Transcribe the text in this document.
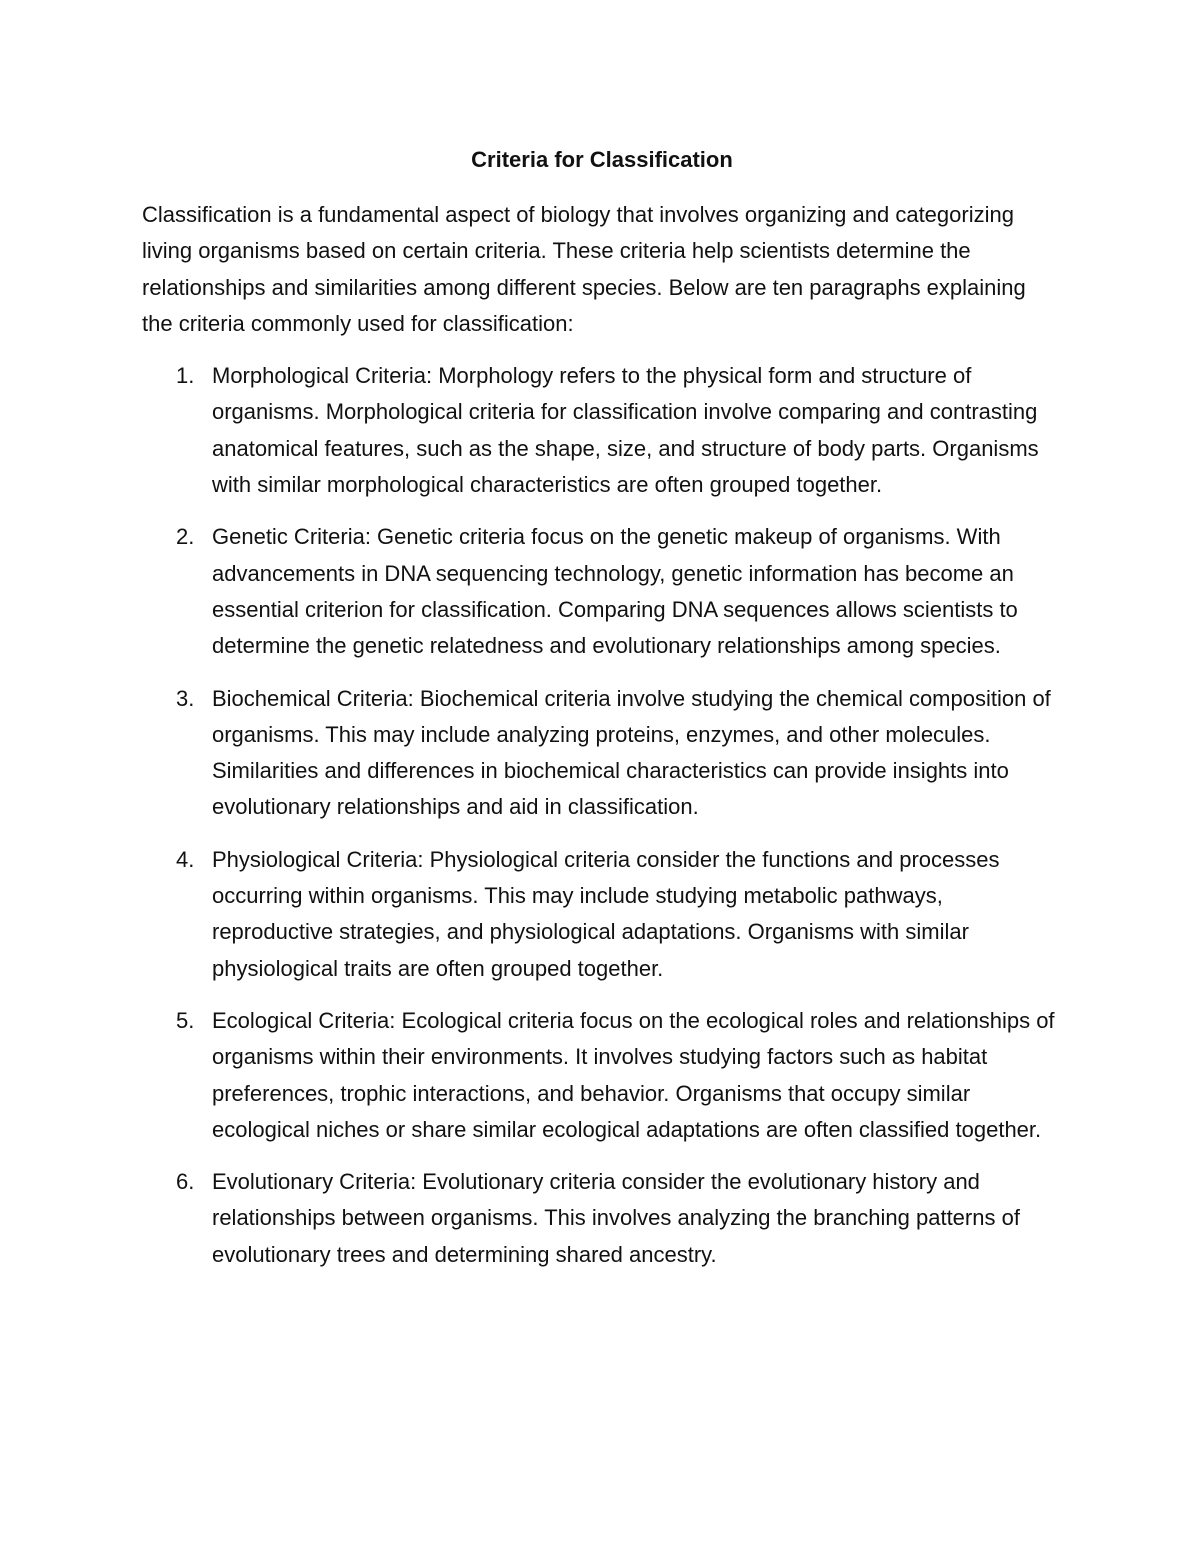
Criteria for Classification

Classification is a fundamental aspect of biology that involves organizing and categorizing living organisms based on certain criteria. These criteria help scientists determine the relationships and similarities among different species. Below are ten paragraphs explaining the criteria commonly used for classification:

1. Morphological Criteria: Morphology refers to the physical form and structure of organisms. Morphological criteria for classification involve comparing and contrasting anatomical features, such as the shape, size, and structure of body parts. Organisms with similar morphological characteristics are often grouped together.
2. Genetic Criteria: Genetic criteria focus on the genetic makeup of organisms. With advancements in DNA sequencing technology, genetic information has become an essential criterion for classification. Comparing DNA sequences allows scientists to determine the genetic relatedness and evolutionary relationships among species.
3. Biochemical Criteria: Biochemical criteria involve studying the chemical composition of organisms. This may include analyzing proteins, enzymes, and other molecules. Similarities and differences in biochemical characteristics can provide insights into evolutionary relationships and aid in classification.
4. Physiological Criteria: Physiological criteria consider the functions and processes occurring within organisms. This may include studying metabolic pathways, reproductive strategies, and physiological adaptations. Organisms with similar physiological traits are often grouped together.
5. Ecological Criteria: Ecological criteria focus on the ecological roles and relationships of organisms within their environments. It involves studying factors such as habitat preferences, trophic interactions, and behavior. Organisms that occupy similar ecological niches or share similar ecological adaptations are often classified together.
6. Evolutionary Criteria: Evolutionary criteria consider the evolutionary history and relationships between organisms. This involves analyzing the branching patterns of evolutionary trees and determining shared ancestry.
